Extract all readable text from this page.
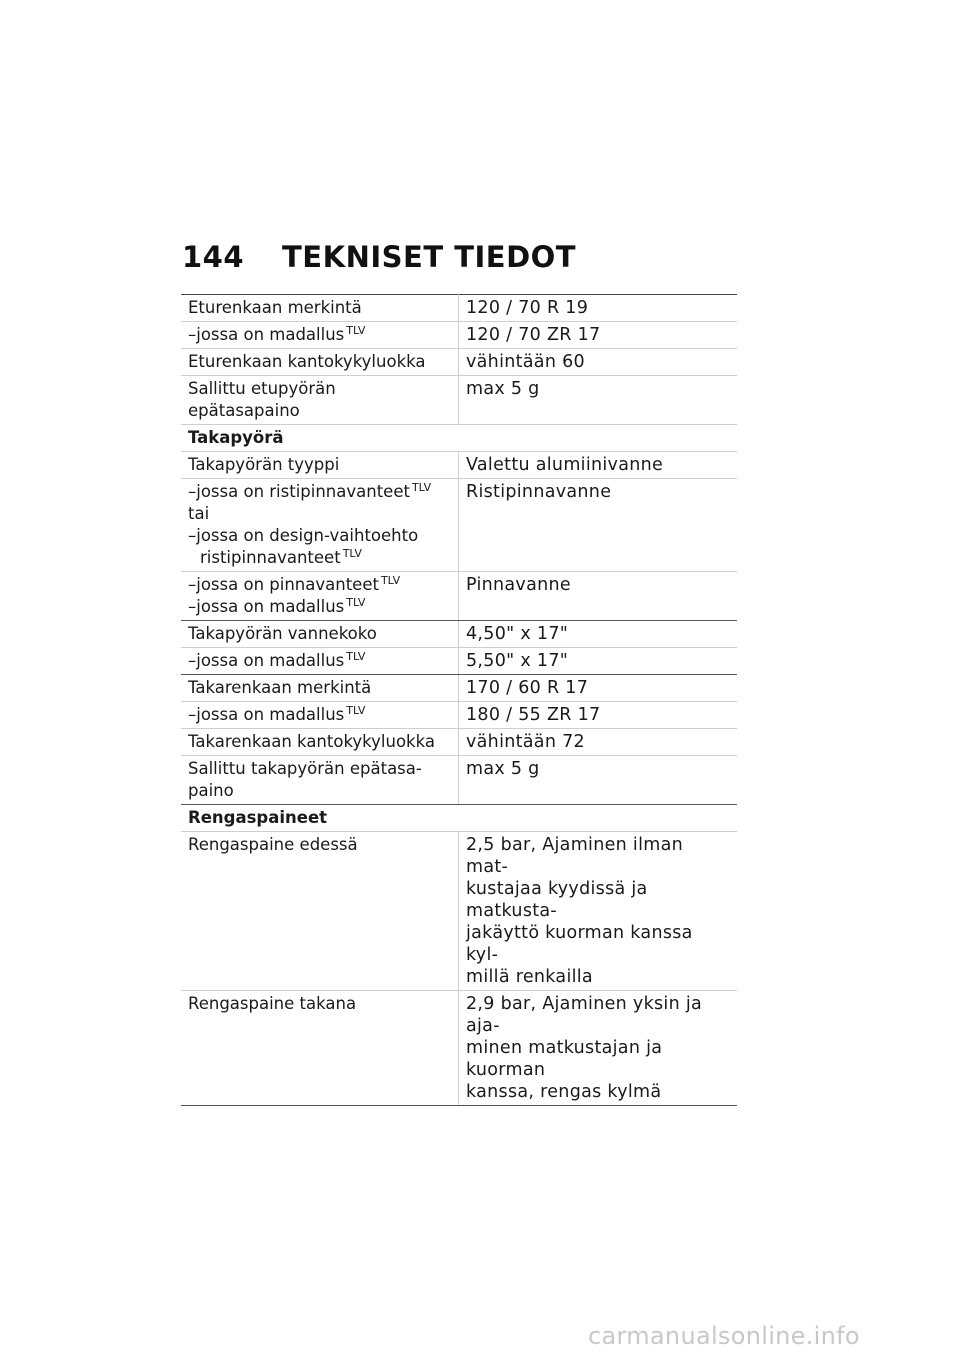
144 TEKNISET TIEDOT
Eturenkaan merkintä	120 / 70 R 19
–jossa on madallus $^{TLV}$	120 / 70 ZR 17
Eturenkaan kantokykyluokka	vähintään 60
Sallittu etupyörän epätasapaino	max 5 g
Takapyörä	
Takapyörän tyyppi	Valettu alumiinivanne

–jossa on ristipinnavanteet $^{TLV}$
tai
–jossa on design-vaihtoehto
ristipinnavanteet $^{TLV}$	Ristipinnavanne

–jossa on pinnavanteet $^{TLV}$
–jossa on madallus $^{TLV}$	Pinnavanne
Takapyörän vannekoko	4,50" x 17"
–jossa on madallus $^{TLV}$	5,50" x 17"
Takarenkaan merkintä	170 / 60 R 17
–jossa on madallus $^{TLV}$	180 / 55 ZR 17
Takarenkaan kantokykyluokka	vähintään 72

Sallittu takapyörän epätasa-
paino	max 5 g
Rengaspaineet	
Rengaspaine edessä	2,5 bar, Ajaminen ilman mat-
kustajaa kyydissä ja matkusta-
jakäyttö kuorman kanssa kyl-
millä renkailla

Rengaspaine takana	2,9 bar, Ajaminen yksin ja aja-
minen matkustajan ja kuorman
kanssa, rengas kylmä
carmanualsonline.info
